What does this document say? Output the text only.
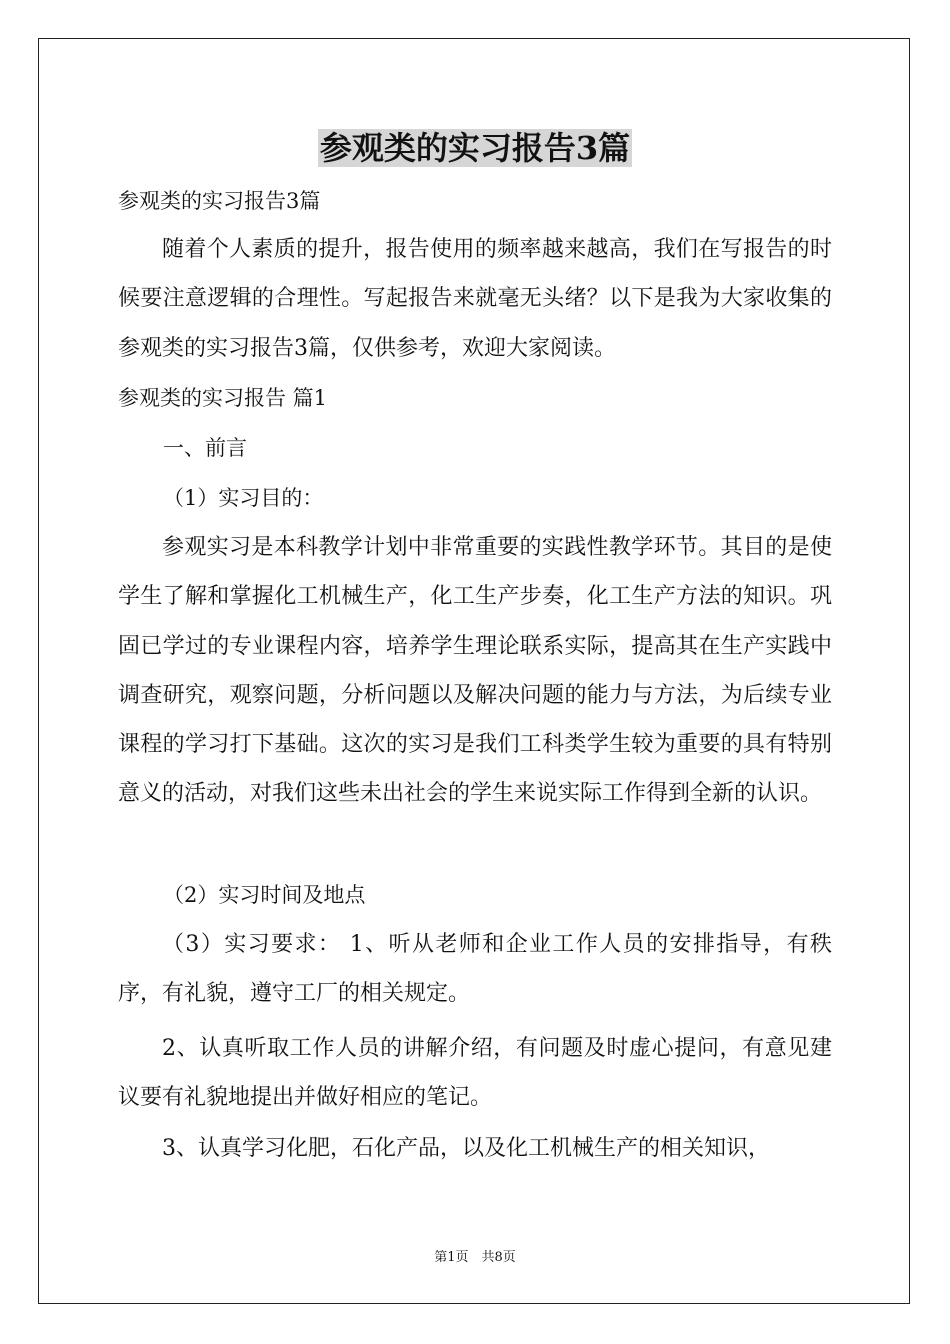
参观类的实习报告3篇
参观类的实习报告3篇

随着个人素质的提升，报告使用的频率越来越高，我们在写报告的时候要注意逻辑的合理性。写起报告来就毫无头绪？以下是我为大家收集的参观类的实习报告3篇，仅供参考，欢迎大家阅读。

参观类的实习报告 篇1
一、前言
（1）实习目的：

参观实习是本科教学计划中非常重要的实践性教学环节。其目的是使学生了解和掌握化工机械生产，化工生产步奏，化工生产方法的知识。巩固已学过的专业课程内容，培养学生理论联系实际，提高其在生产实践中调查研究，观察问题，分析问题以及解决问题的能力与方法，为后续专业课程的学习打下基础。这次的实习是我们工科类学生较为重要的具有特别意义的活动，对我们这些未出社会的学生来说实际工作得到全新的认识。

（2）实习时间及地点

（3）实习要求： 1、听从老师和企业工作人员的安排指导，有秩序，有礼貌，遵守工厂的相关规定。

2、认真听取工作人员的讲解介绍，有问题及时虚心提问，有意见建议要有礼貌地提出并做好相应的笔记。

3、认真学习化肥，石化产品，以及化工机械生产的相关知识，

第1页　共8页
